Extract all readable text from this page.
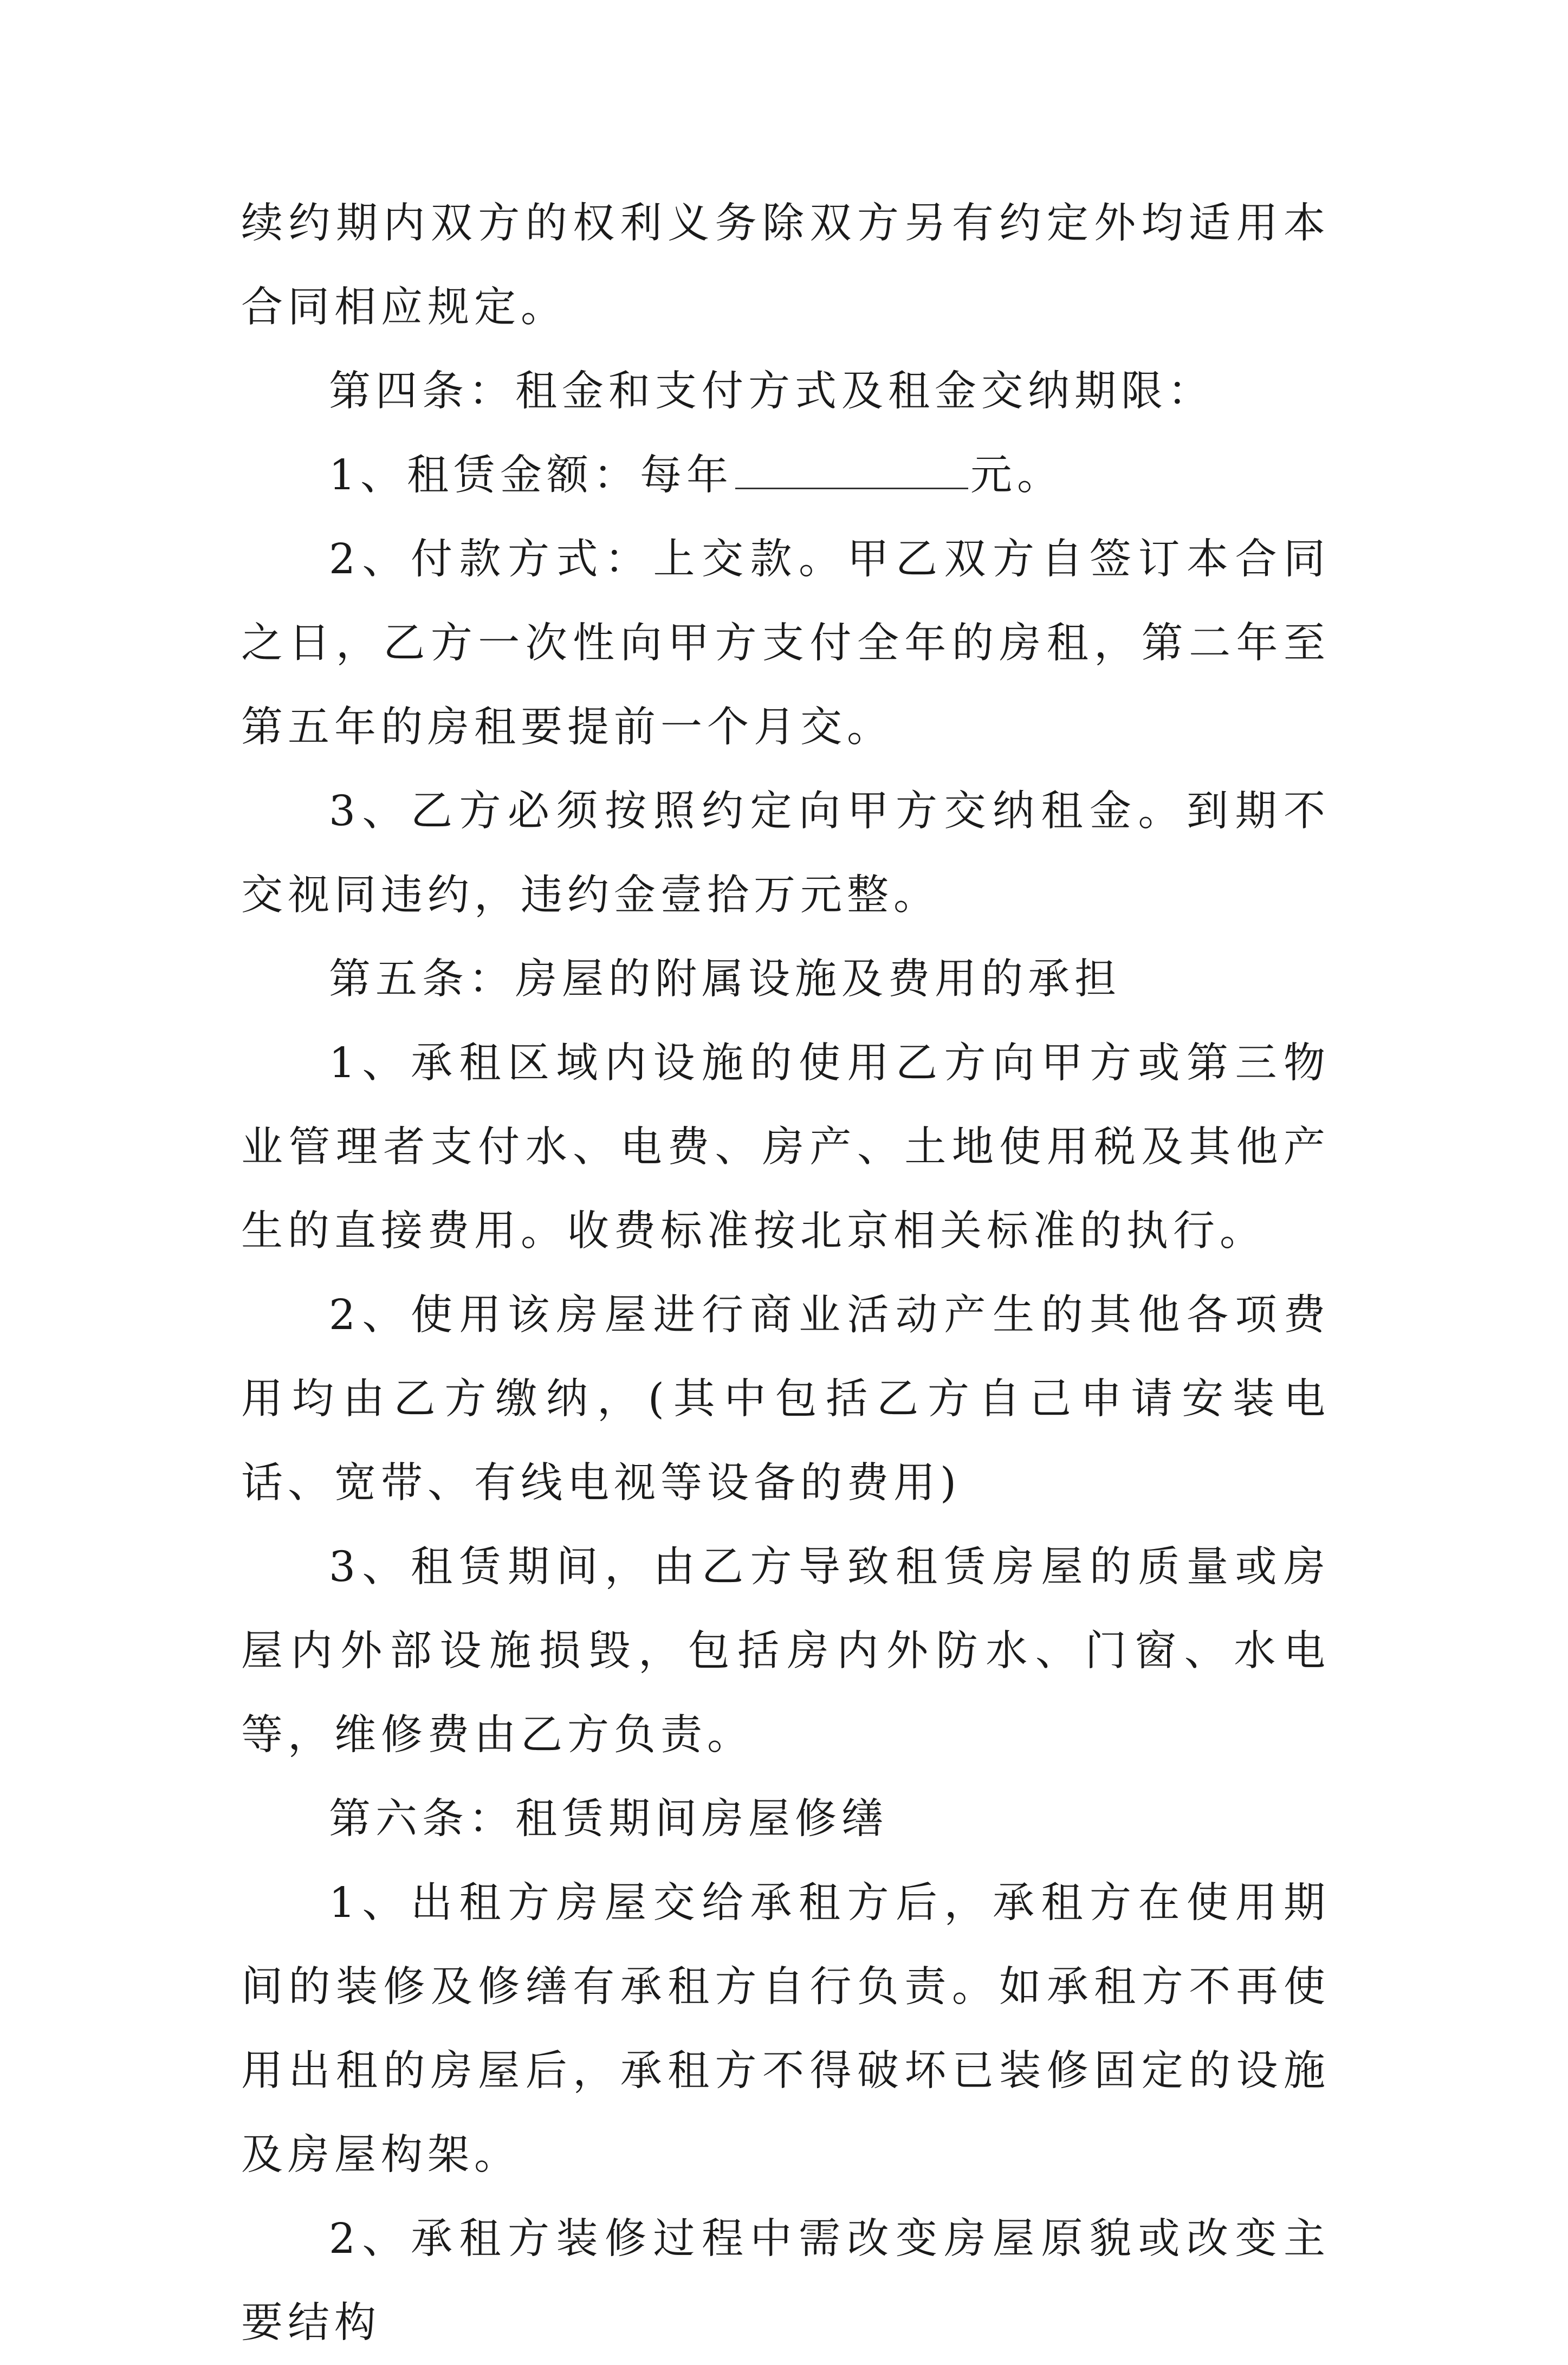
续约期内双方的权利义务除双方另有约定外均适用本合同相应规定。

第四条：租金和支付方式及租金交纳期限：

1、租赁金额：每年	元。

2、付款方式：上交款。甲乙双方自签订本合同之日，乙方一次性向甲方支付全年的房租，第二年至第五年的房租要提前一个月交。

3、乙方必须按照约定向甲方交纳租金。到期不交视同违约，违约金壹拾万元整。

第五条：房屋的附属设施及费用的承担

1、承租区域内设施的使用乙方向甲方或第三物业管理者支付水、电费、房产、土地使用税及其他产生的直接费用。收费标准按北京相关标准的执行。

2、使用该房屋进行商业活动产生的其他各项费用均由乙方缴纳，(其中包括乙方自己申请安装电话、宽带、有线电视等设备的费用)

3、租赁期间，由乙方导致租赁房屋的质量或房屋内外部设施损毁，包括房内外防水、门窗、水电等，维修费由乙方负责。

第六条：租赁期间房屋修缮

1、出租方房屋交给承租方后，承租方在使用期间的装修及修缮有承租方自行负责。如承租方不再使用出租的房屋后，承租方不得破坏已装修固定的设施及房屋构架。

2、承租方装修过程中需改变房屋原貌或改变主要结构
